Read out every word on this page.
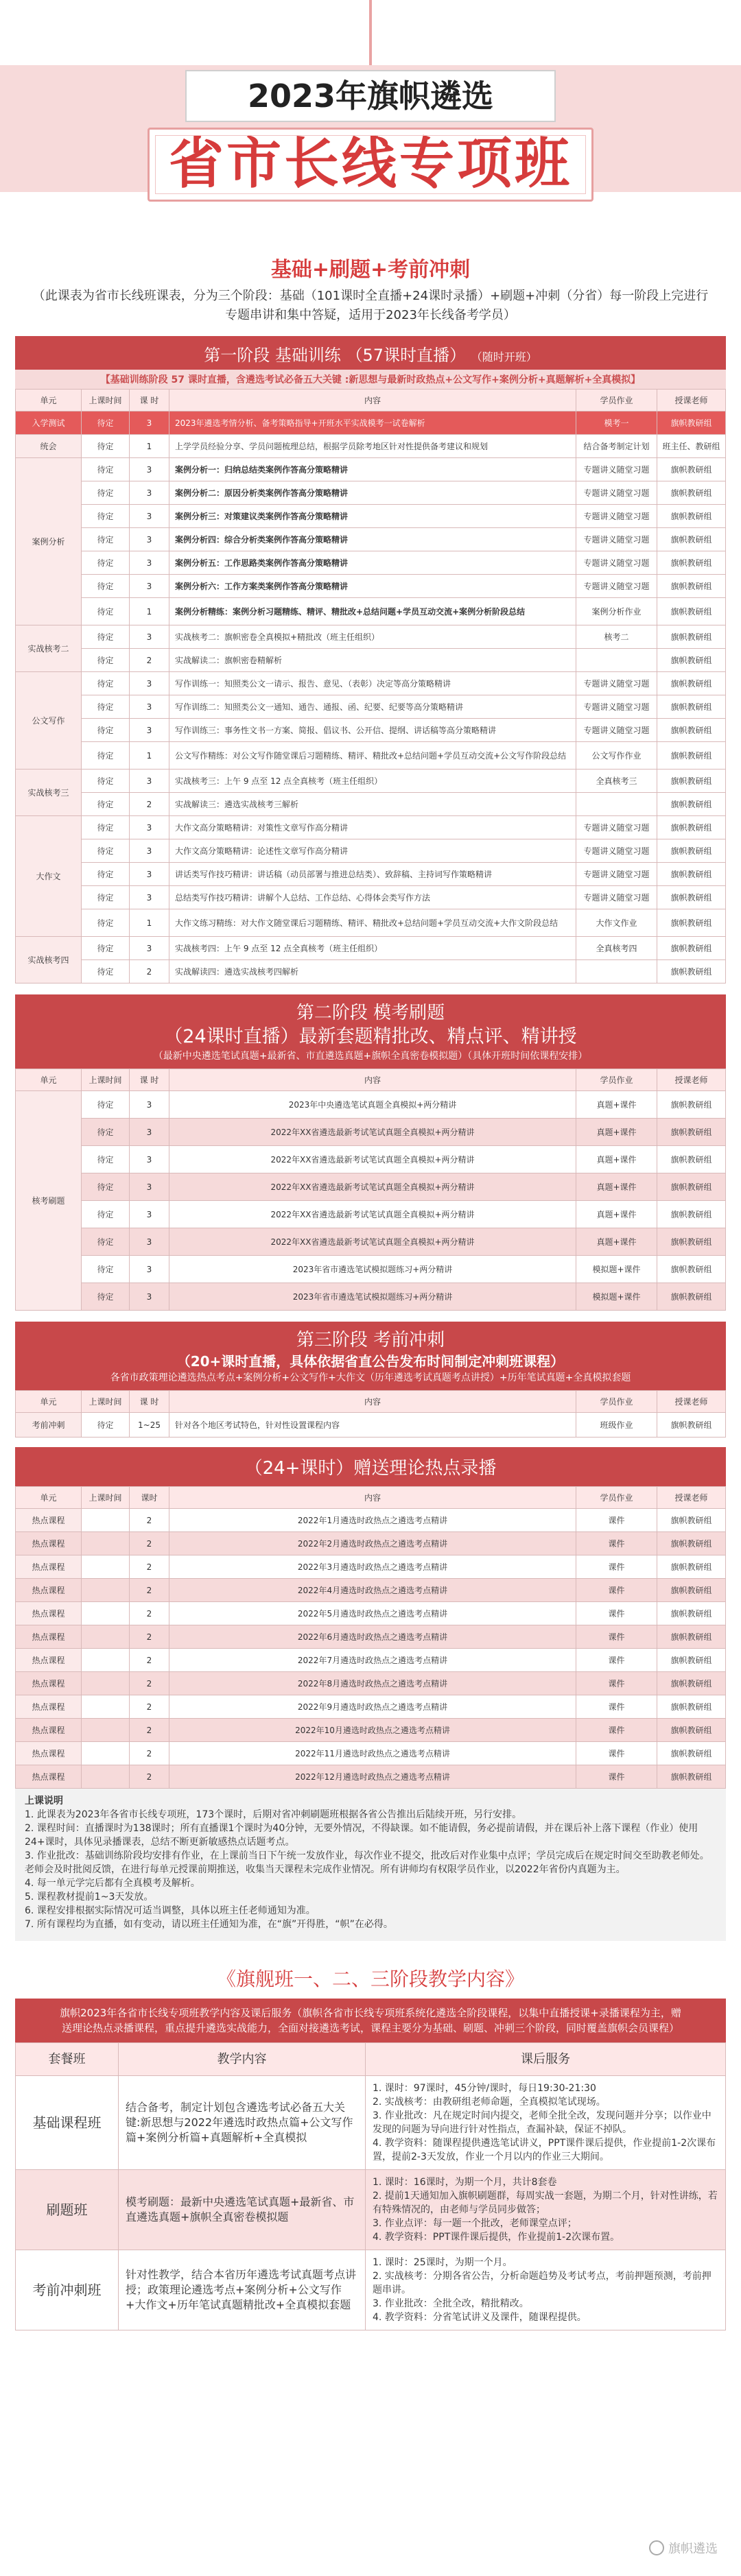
2023年旗帜遴选
省市长线专项班
基础+刷题+考前冲刺
（此课表为省市长线班课表，分为三个阶段：基础（101课时全直播+24课时录播）+刷题+冲刺（分省）每一阶段上完进行专题串讲和集中答疑，适用于2023年长线备考学员）
第一阶段 基础训练 （57课时直播） （随时开班）
【基础训练阶段 57 课时直播，含遴选考试必备五大关键 :新思想与最新时政热点+公文写作+案例分析+真题解析+全真模拟】
单元	上课时间	课 时	内容	学员作业	授课老师
入学测试	待定	3	2023年遴选考情分析、备考策略指导+开班水平实战模考一试卷解析	模考一	旗帜教研组
统会	待定	1	上学学员经验分享、学员问题梳理总结，根据学员除考地区针对性提供备考建议和规划	结合备考制定计划	班主任、教研组
案例分析	待定	3	案例分析一：归纳总结类案例作答高分策略精讲	专题讲义随堂习题	旗帜教研组
	待定	3	案例分析二：原因分析类案例作答高分策略精讲	专题讲义随堂习题	旗帜教研组
	待定	3	案例分析三：对策建议类案例作答高分策略精讲	专题讲义随堂习题	旗帜教研组
	待定	3	案例分析四：综合分析类案例作答高分策略精讲	专题讲义随堂习题	旗帜教研组
	待定	3	案例分析五：工作思路类案例作答高分策略精讲	专题讲义随堂习题	旗帜教研组
	待定	3	案例分析六：工作方案类案例作答高分策略精讲	专题讲义随堂习题	旗帜教研组
	待定	1	案例分析精练：案例分析习题精练、精评、精批改+总结问题+学员互动交流+案例分析阶段总结	案例分析作业	旗帜教研组
实战核考二	待定	3	实战核考二：旗帜密卷全真模拟+精批改（班主任组织）	核考二	旗帜教研组
	待定	2	实战解读二：旗帜密卷精解析		旗帜教研组
公文写作	待定	3	写作训练一：知照类公文一请示、报告、意见、（表彰）决定等高分策略精讲	专题讲义随堂习题	旗帜教研组
	待定	3	写作训练二：知照类公文一通知、通告、通报、函、纪要、纪要等高分策略精讲	专题讲义随堂习题	旗帜教研组
	待定	3	写作训练三：事务性文书一方案、简报、倡议书、公开信、提纲、讲话稿等高分策略精讲	专题讲义随堂习题	旗帜教研组
	待定	1	公文写作精练：对公文写作随堂课后习题精练、精评、精批改+总结问题+学员互动交流+公文写作阶段总结	公文写作作业	旗帜教研组
实战核考三	待定	3	实战核考三：上午 9 点至 12 点全真核考（班主任组织）	全真核考三	旗帜教研组
	待定	2	实战解读三：遴选实战核考三解析		旗帜教研组
大作文	待定	3	大作文高分策略精讲：对策性文章写作高分精讲	专题讲义随堂习题	旗帜教研组
	待定	3	大作文高分策略精讲：论述性文章写作高分精讲	专题讲义随堂习题	旗帜教研组
	待定	3	讲话类写作技巧精讲：讲话稿（动员部署与推进总结类）、致辞稿、主持词写作策略精讲	专题讲义随堂习题	旗帜教研组
	待定	3	总结类写作技巧精讲：讲解个人总结、工作总结、心得体会类写作方法	专题讲义随堂习题	旗帜教研组
	待定	1	大作文练习精练：对大作文随堂课后习题精练、精评、精批改+总结问题+学员互动交流+大作文阶段总结	大作文作业	旗帜教研组
实战核考四	待定	3	实战核考四：上午 9 点至 12 点全真核考（班主任组织）	全真核考四	旗帜教研组
	待定	2	实战解读四：遴选实战核考四解析		旗帜教研组
第二阶段 模考刷题
（24课时直播）最新套题精批改、精点评、精讲授
（最新中央遴选笔试真题+最新省、市直遴选真题+旗帜全真密卷模拟题）（具体开班时间依课程安排）
单元	上课时间	课 时	内容	学员作业	授课老师
核考刷题	待定	3	2023年中央遴选笔试真题全真模拟+两分精讲	真题+课件	旗帜教研组
	待定	3	2022年XX省遴选最新考试笔试真题全真模拟+两分精讲	真题+课件	旗帜教研组
	待定	3	2022年XX省遴选最新考试笔试真题全真模拟+两分精讲	真题+课件	旗帜教研组
	待定	3	2022年XX省遴选最新考试笔试真题全真模拟+两分精讲	真题+课件	旗帜教研组
	待定	3	2022年XX省遴选最新考试笔试真题全真模拟+两分精讲	真题+课件	旗帜教研组
	待定	3	2022年XX省遴选最新考试笔试真题全真模拟+两分精讲	真题+课件	旗帜教研组
	待定	3	2023年省市遴选笔试模拟题练习+两分精讲	模拟题+课件	旗帜教研组
	待定	3	2023年省市遴选笔试模拟题练习+两分精讲	模拟题+课件	旗帜教研组
第三阶段 考前冲刺
（20+课时直播，具体依据省直公告发布时间制定冲刺班课程）
各省市政策理论遴选热点考点+案例分析+公文写作+大作文（历年遴选考试真题考点讲授）+历年笔试真题+全真模拟套题
单元	上课时间	课 时	内容	学员作业	授课老师
考前冲刺	待定	1~25	针对各个地区考试特色，针对性设置课程内容	班级作业	旗帜教研组
（24+课时）赠送理论热点录播
单元	上课时间	课时	内容	学员作业	授课老师
热点课程		2	2022年1月遴选时政热点之遴选考点精讲	课件	旗帜教研组
热点课程		2	2022年2月遴选时政热点之遴选考点精讲	课件	旗帜教研组
热点课程		2	2022年3月遴选时政热点之遴选考点精讲	课件	旗帜教研组
热点课程		2	2022年4月遴选时政热点之遴选考点精讲	课件	旗帜教研组
热点课程		2	2022年5月遴选时政热点之遴选考点精讲	课件	旗帜教研组
热点课程		2	2022年6月遴选时政热点之遴选考点精讲	课件	旗帜教研组
热点课程		2	2022年7月遴选时政热点之遴选考点精讲	课件	旗帜教研组
热点课程		2	2022年8月遴选时政热点之遴选考点精讲	课件	旗帜教研组
热点课程		2	2022年9月遴选时政热点之遴选考点精讲	课件	旗帜教研组
热点课程		2	2022年10月遴选时政热点之遴选考点精讲	课件	旗帜教研组
热点课程		2	2022年11月遴选时政热点之遴选考点精讲	课件	旗帜教研组
热点课程		2	2022年12月遴选时政热点之遴选考点精讲	课件	旗帜教研组
上课说明
1. 此课表为2023年各省市长线专项班，173个课时，后期对省冲刺刷题班根据各省公告推出后陆续开班，另行安排。
2. 课程时间：直播课时为138课时；所有直播课1个课时为40分钟，无要外情况，不得缺课。如不能请假，务必提前请假，并在课后补上落下课程（作业）使用24+课时，具体见录播课表，总结不断更新敏感热点话题考点。
3. 作业批改：基础训练阶段均安排有作业，在上课前当日下午统一发放作业，每次作业不提交，批改后对作业集中点评；学员完成后在规定时间交至助教老师处。老师会及时批阅反馈，在进行每单元授课前期推送，收集当天课程未完成作业情况。所有讲师均有权限学员作业，以2022年省份内真题为主。
4. 每一单元学完后都有全真模考及解析。
5. 课程教材提前1~3天发放。
6. 课程安排根据实际情况可适当调整，具体以班主任老师通知为准。
7. 所有课程均为直播，如有变动，请以班主任通知为准，在“旗”开得胜，“帜”在必得。
《旗舰班一、二、三阶段教学内容》
旗帜2023年各省市长线专项班教学内容及课后服务（旗帜各省市长线专项班系统化遴选全阶段课程，以集中直播授课+录播课程为主，赠送理论热点录播课程，重点提升遴选实战能力，全面对接遴选考试，课程主要分为基础、刷题、冲刺三个阶段，同时覆盖旗帜会员课程）
套餐班	教学内容	课后服务
基础课程班	结合备考，制定计划包含遴选考试必备五大关键:新思想与2022年遴选时政热点篇+公文写作篇+案例分析篇+真题解析+全真模拟	1. 课时：97课时，45分钟/课时，每日19:30-21:30
2. 实战核考：由教研组老师命题，全真模拟笔试现场。
3. 作业批改：凡在规定时间内提交，老师全批全改，发现问题并分享；以作业中发现的问题为导向进行针对性指点，查漏补缺，保证不掉队。
4. 教学资料：随课程提供遴选笔试讲义，PPT课件课后提供，作业提前1-2次课布置，提前2-3天发放，作业一个月以内的作业三大期间。
刷题班	模考刷题：最新中央遴选笔试真题+最新省、市直遴选真题+旗帜全真密卷模拟题	1. 课时：16课时，为期一个月，共计8套卷
2. 提前1天通知加入旗帜刷题群，每周实战一套题，为期二个月，针对性讲练，若有特殊情况的，由老师与学员同步做答；
3. 作业点评：每一题一个批改，老师课堂点评；
4. 教学资料：PPT课件课后提供，作业提前1-2次课布置。
考前冲刺班	针对性教学，结合本省历年遴选考试真题考点讲授；政策理论遴选考点+案例分析+公文写作+大作文+历年笔试真题精批改+全真模拟套题	1. 课时：25课时，为期一个月。
2. 实战核考：分期各省公告，分析命题趋势及考试考点，考前押题预测，考前押题串讲。
3. 作业批改：全批全改，精批精改。
4. 教学资料：分省笔试讲义及课件，随课程提供。
旗帜遴选
